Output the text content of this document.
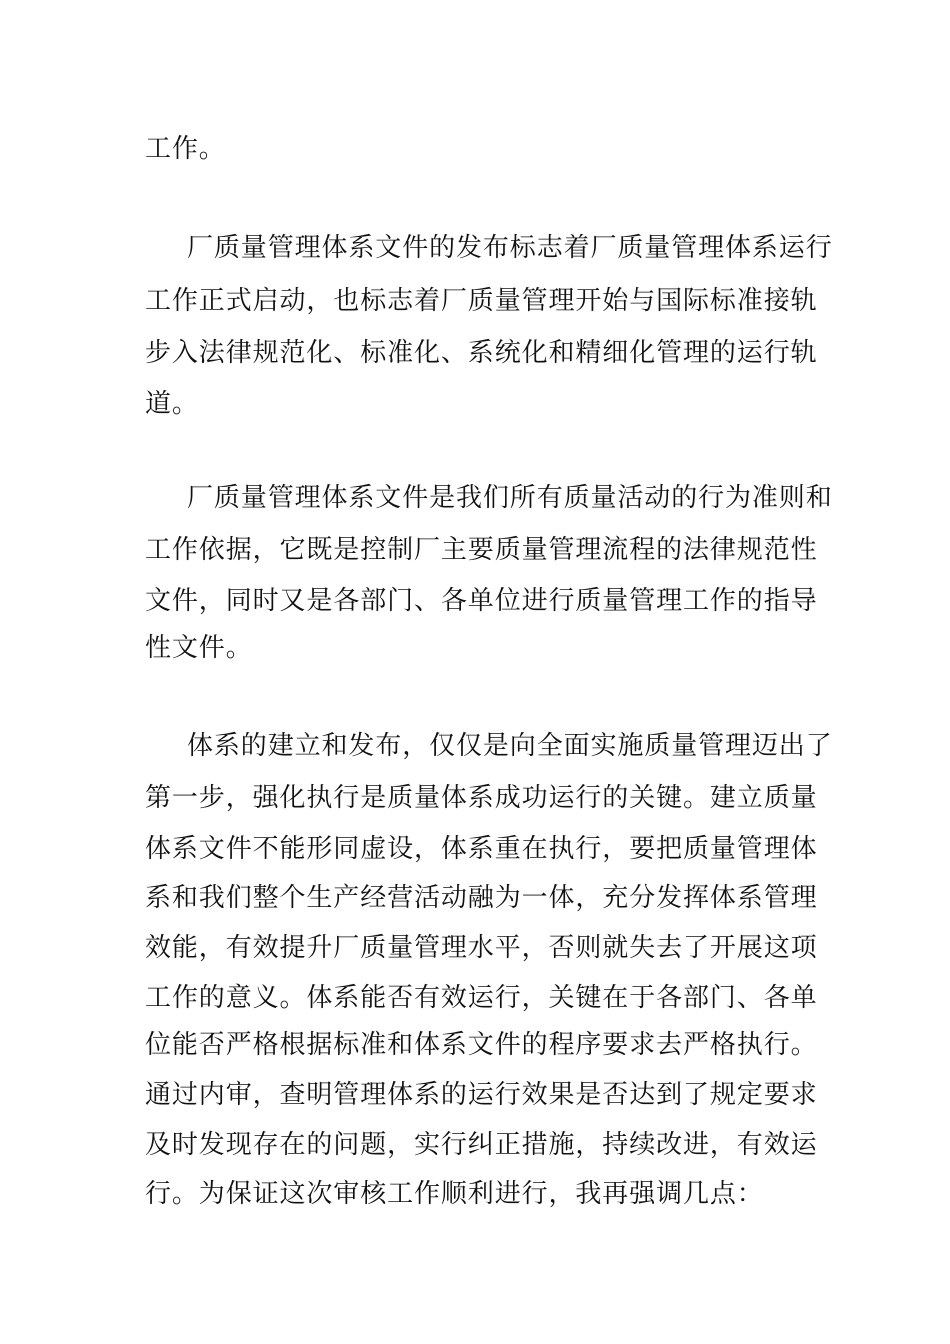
工作。

厂质量管理体系文件的发布标志着厂质量管理体系运行

工作正式启动，也标志着厂质量管理开始与国际标准接轨

步入法律规范化、标准化、系统化和精细化管理的运行轨

道。

厂质量管理体系文件是我们所有质量活动的行为准则和

工作依据，它既是控制厂主要质量管理流程的法律规范性

文件，同时又是各部门、各单位进行质量管理工作的指导

性文件。

体系的建立和发布，仅仅是向全面实施质量管理迈出了

第一步，强化执行是质量体系成功运行的关键。建立质量

体系文件不能形同虚设，体系重在执行，要把质量管理体

系和我们整个生产经营活动融为一体，充分发挥体系管理

效能，有效提升厂质量管理水平，否则就失去了开展这项

工作的意义。体系能否有效运行，关键在于各部门、各单

位能否严格根据标准和体系文件的程序要求去严格执行。

通过内审，查明管理体系的运行效果是否达到了规定要求

及时发现存在的问题，实行纠正措施，持续改进，有效运

行。为保证这次审核工作顺利进行，我再强调几点：
